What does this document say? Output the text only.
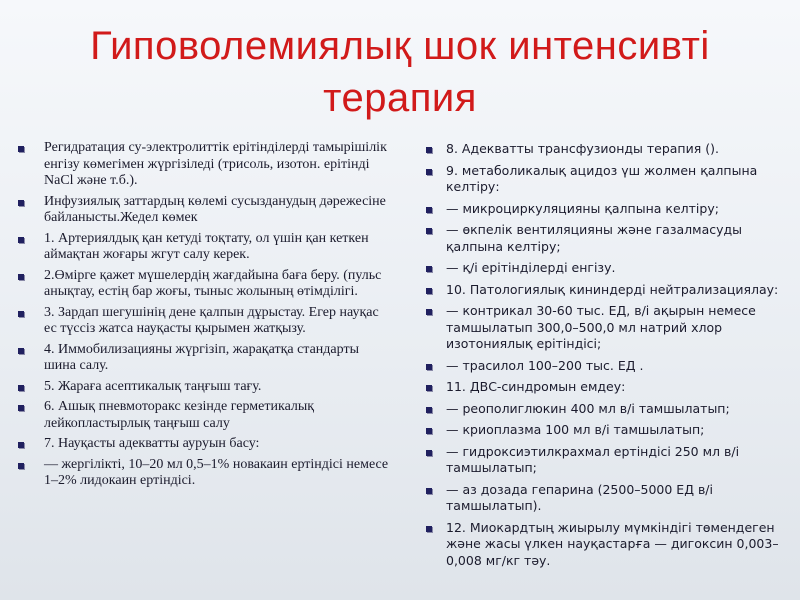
Гиповолемиялық шок интенсивті терапия
Регидратация су-электролиттік ерітінділерді тамырішілік енгізу көмегімен жүргізіледі (трисоль, изотон. ерітінді NaCl және т.б.).
Инфузиялық заттардың көлемі сусызданудың дәрежесіне байланысты.Жедел көмек
1. Артериялдық қан кетуді тоқтату, ол үшін қан кеткен аймақтан жоғары жгут салу керек.
2.Өмірге қажет мүшелердің жағдайына баға беру. (пульс анықтау, естің бар жоғы, тыныс жолының өтімділігі.
3. Зардап шегушінің дене қалпын дұрыстау. Егер науқас ес түссіз жатса науқасты қырымен жатқызу.
4. Иммобилизацияны жүргізіп, жарақатқа стандарты шина салу.
5. Жараға асептикалық таңғыш тағу.
6. Ашық пневмоторакс кезінде герметикалық лейкопластырлық таңғыш салу
7. Науқасты адекватты ауруын басу:
— жергілікті, 10–20 мл 0,5–1% новакаин ертіндісі немесе 1–2% лидокаин ертіндісі.
8. Адекватты трансфузионды терапия ().
9. метаболикалық ацидоз үш жолмен қалпына келтіру:
— микроциркуляцияны қалпына келтіру;
— өкпелік вентиляцияны және газалмасуды қалпына келтіру;
— қ/і ерітінділерді енгізу.
10. Патологиялық кининдерді нейтрализациялау:
— контрикал 30-60 тыс. ЕД, в/і ақырын немесе тамшылатып 300,0–500,0 мл натрий хлор изотониялық ерітіндісі;
— трасилол 100–200 тыс. ЕД .
11. ДВС-синдромын емдеу:
— реополиглюкин 400 мл в/і тамшылатып;
— криоплазма 100 мл в/і тамшылатып;
— гидроксиэтилкрахмал ертіндісі 250 мл в/і тамшылатып;
— аз дозада гепарина (2500–5000 ЕД в/і тамшылатып).
12. Миокардтың жиырылу мүмкіндігі төмендеген және жасы үлкен науқастарға — дигоксин 0,003–0,008 мг/кг тәу.
